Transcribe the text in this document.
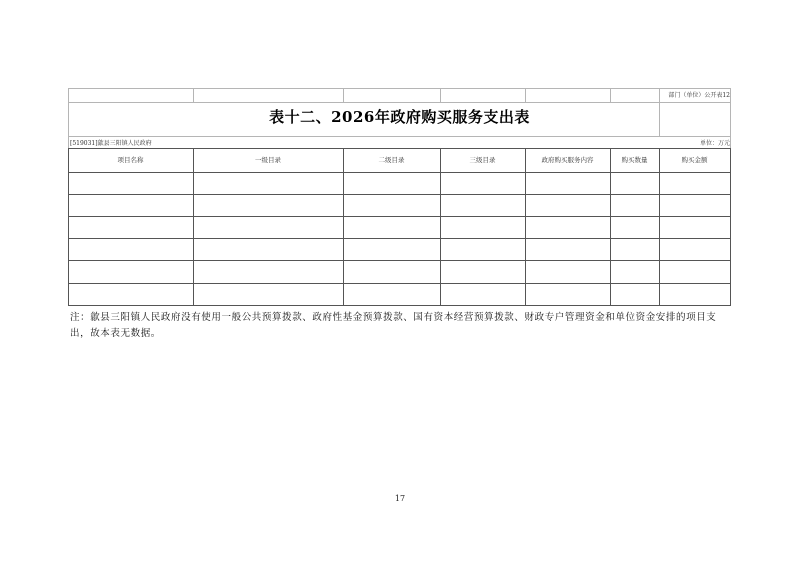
部门（单位）公开表12
表十二、2026年政府购买服务支出表
[519031]歙县三阳镇人民政府	单位：万元
项目名称	一级目录	二级目录	三级目录	政府购买服务内容	购买数量	购买金额
注：歙县三阳镇人民政府没有使用一般公共预算拨款、政府性基金预算拨款、国有资本经营预算拨款、财政专户管理资金和单位资金安排的项目支出，故本表无数据。
17
